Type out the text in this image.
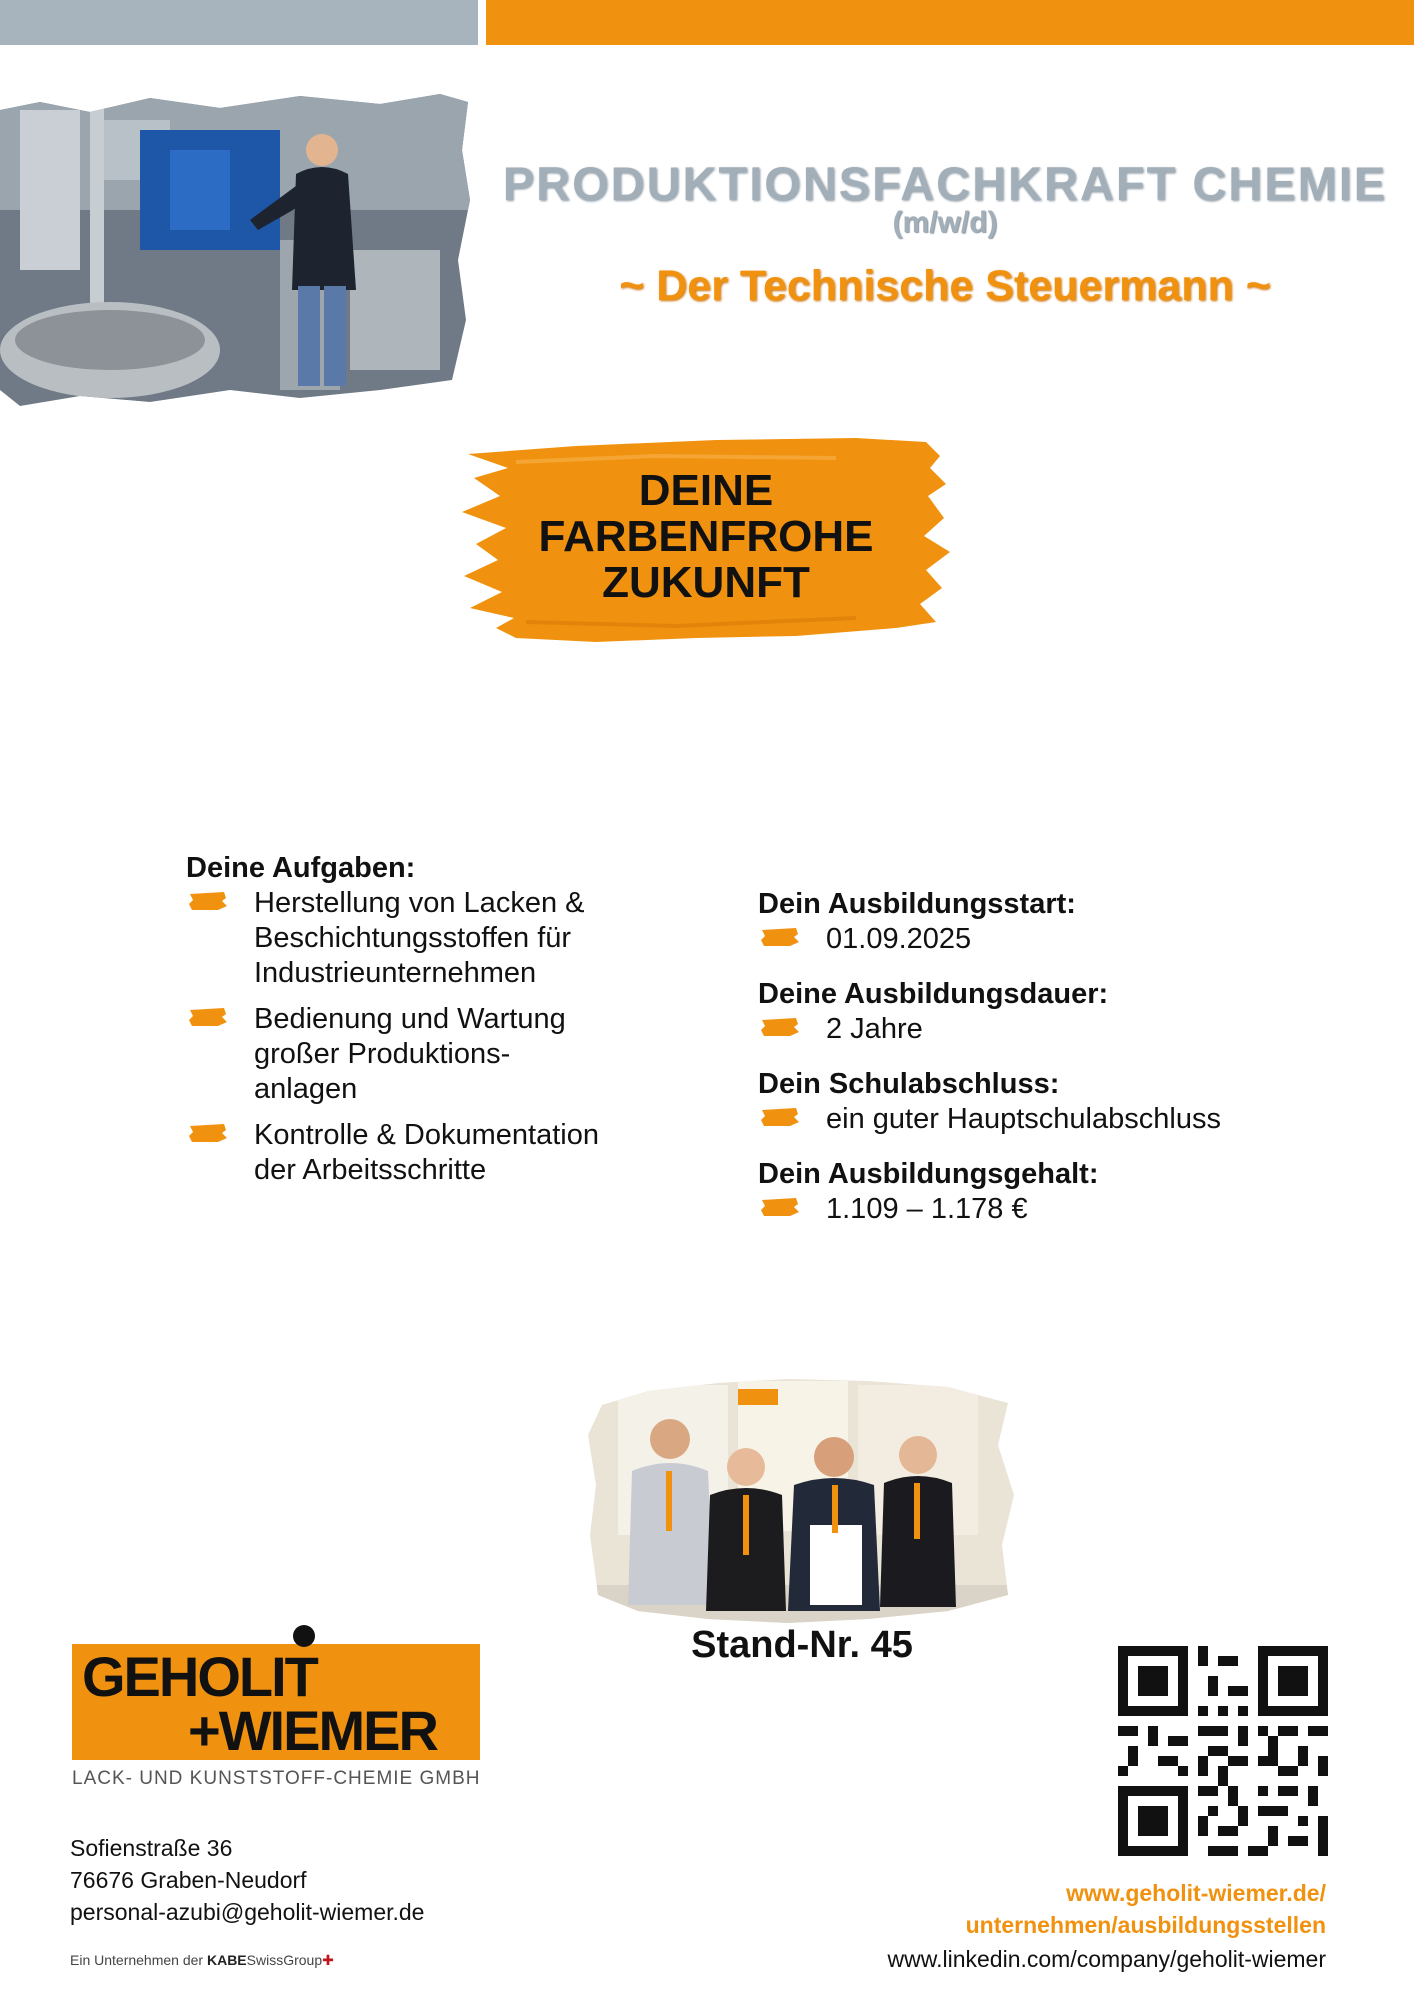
PRODUKTIONSFACHKRAFT CHEMIE
(m/w/d)
~ Der Technische Steuermann ~
DEINE
FARBENFROHE
ZUKUNFT
Deine Aufgaben:
Herstellung von Lacken &
Beschichtungsstoffen für
Industrieunternehmen
Bedienung und Wartung
großer Produktions-
anlagen
Kontrolle & Dokumentation
der Arbeitsschritte
Dein Ausbildungsstart:
01.09.2025
Deine Ausbildungsdauer:
2 Jahre
Dein Schulabschluss:
ein guter Hauptschulabschluss
Dein Ausbildungsgehalt:
1.109 – 1.178 €
Stand-Nr. 45
GEHOLIT
+WIEMER
LACK- UND KUNSTSTOFF-CHEMIE GMBH
Sofienstraße 36
76676 Graben-Neudorf
personal-azubi@geholit-wiemer.de
Ein Unternehmen der KABESwissGroup✚
www.geholit-wiemer.de/
unternehmen/ausbildungsstellen
www.linkedin.com/company/geholit-wiemer
